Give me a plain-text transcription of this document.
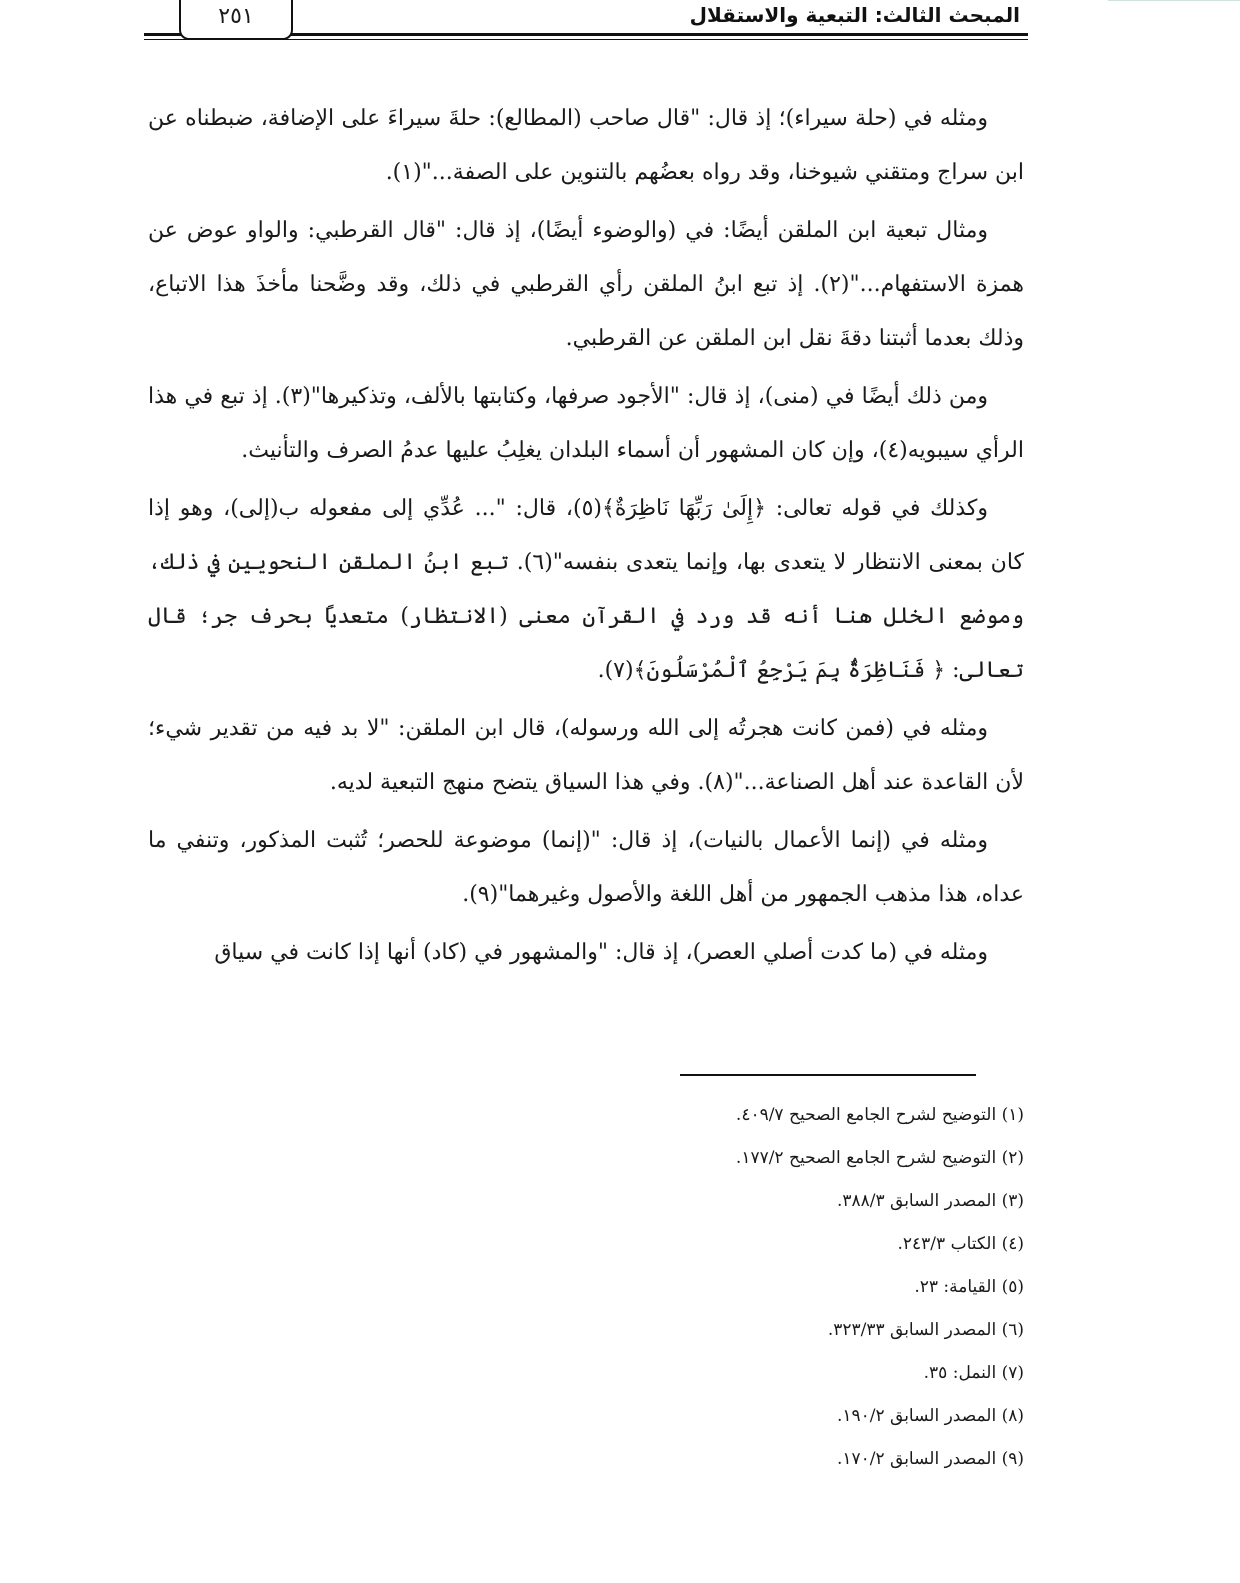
المبحث الثالث: التبعية والاستقلال
٢٥١

ومثله في (حلة سيراء)؛ إذ قال: "قال صاحب (المطالع): حلةَ سيراءَ على الإضافة، ضبطناه عن ابن سراج ومتقني شيوخنا، وقد رواه بعضُهم بالتنوين على الصفة..."(١).

ومثال تبعية ابن الملقن أيضًا: في (والوضوء أيضًا)، إذ قال: "قال القرطبي: والواو عوض عن همزة الاستفهام..."(٢). إذ تبع ابنُ الملقن رأي القرطبي في ذلك، وقد وضَّحنا مأخذَ هذا الاتباع، وذلك بعدما أثبتنا دقةَ نقل ابن الملقن عن القرطبي.

ومن ذلك أيضًا في (منى)، إذ قال: "الأجود صرفها، وكتابتها بالألف، وتذكيرها"(٣). إذ تبع في هذا الرأي سيبويه(٤)، وإن كان المشهور أن أسماء البلدان يغلِبُ عليها عدمُ الصرف والتأنيث.

وكذلك في قوله تعالى: ﴿إِلَىٰ رَبِّهَا نَاظِرَةٌ﴾(٥)، قال: "... عُدِّي إلى مفعوله ب(إلى)، وهو إذا كان بمعنى الانتظار لا يتعدى بها، وإنما يتعدى بنفسه"(٦). تبع ابنُ الملقن النحويين في ذلك، وموضع الخلل هنا أنه قد ورد في القرآن معنى (الانتظار) متعديًا بحرف جر؛ قال تعالى: ﴿ فَنَاظِرَةٌۢ بِمَ يَرْجِعُ ٱلْمُرْسَلُونَ﴾(٧).

ومثله في (فمن كانت هجرتُه إلى الله ورسوله)، قال ابن الملقن: "لا بد فيه من تقدير شيء؛ لأن القاعدة عند أهل الصناعة..."(٨). وفي هذا السياق يتضح منهج التبعية لديه.

ومثله في (إنما الأعمال بالنيات)، إذ قال: "(إنما) موضوعة للحصر؛ تُثبت المذكور، وتنفي ما عداه، هذا مذهب الجمهور من أهل اللغة والأصول وغيرهما"(٩).

ومثله في (ما كدت أصلي العصر)، إذ قال: "والمشهور في (كاد) أنها إذا كانت في سياق

(١) التوضيح لشرح الجامع الصحيح ٤٠٩/٧.
(٢) التوضيح لشرح الجامع الصحيح ١٧٧/٢.
(٣) المصدر السابق ٣٨٨/٣.
(٤) الكتاب ٢٤٣/٣.
(٥) القيامة: ٢٣.
(٦) المصدر السابق ٣٢٣/٣٣.
(٧) النمل: ٣٥.
(٨) المصدر السابق ١٩٠/٢.
(٩) المصدر السابق ١٧٠/٢.
